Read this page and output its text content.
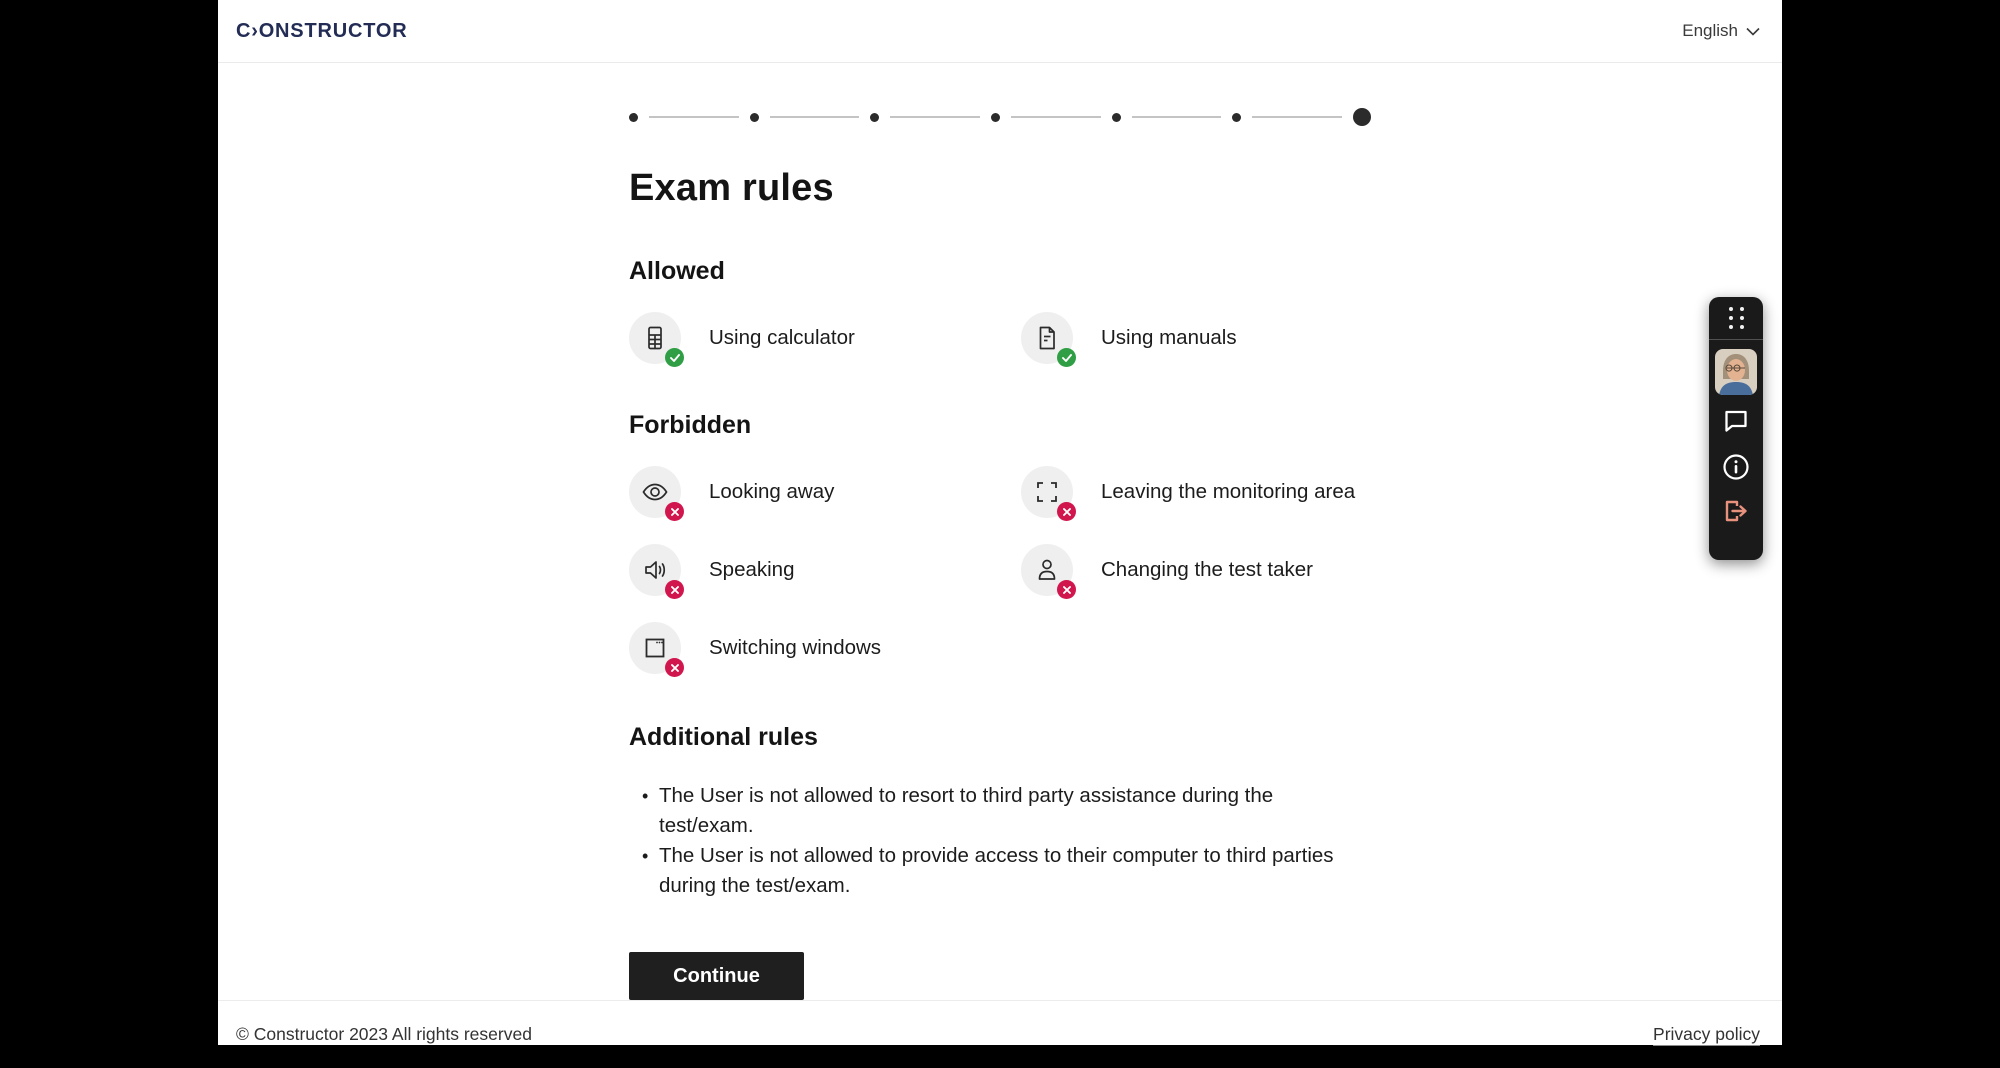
C›ONSTRUCTOR	English
Exam rules
Allowed
Using calculator	Using manuals
Forbidden
Looking away	Leaving the monitoring area
Speaking	Changing the test taker
Switching windows
Additional rules
• The User is not allowed to resort to third party assistance during the test/exam.
• The User is not allowed to provide access to their computer to third parties during the test/exam.
Continue
© Constructor 2023 All rights reserved	Privacy policy
